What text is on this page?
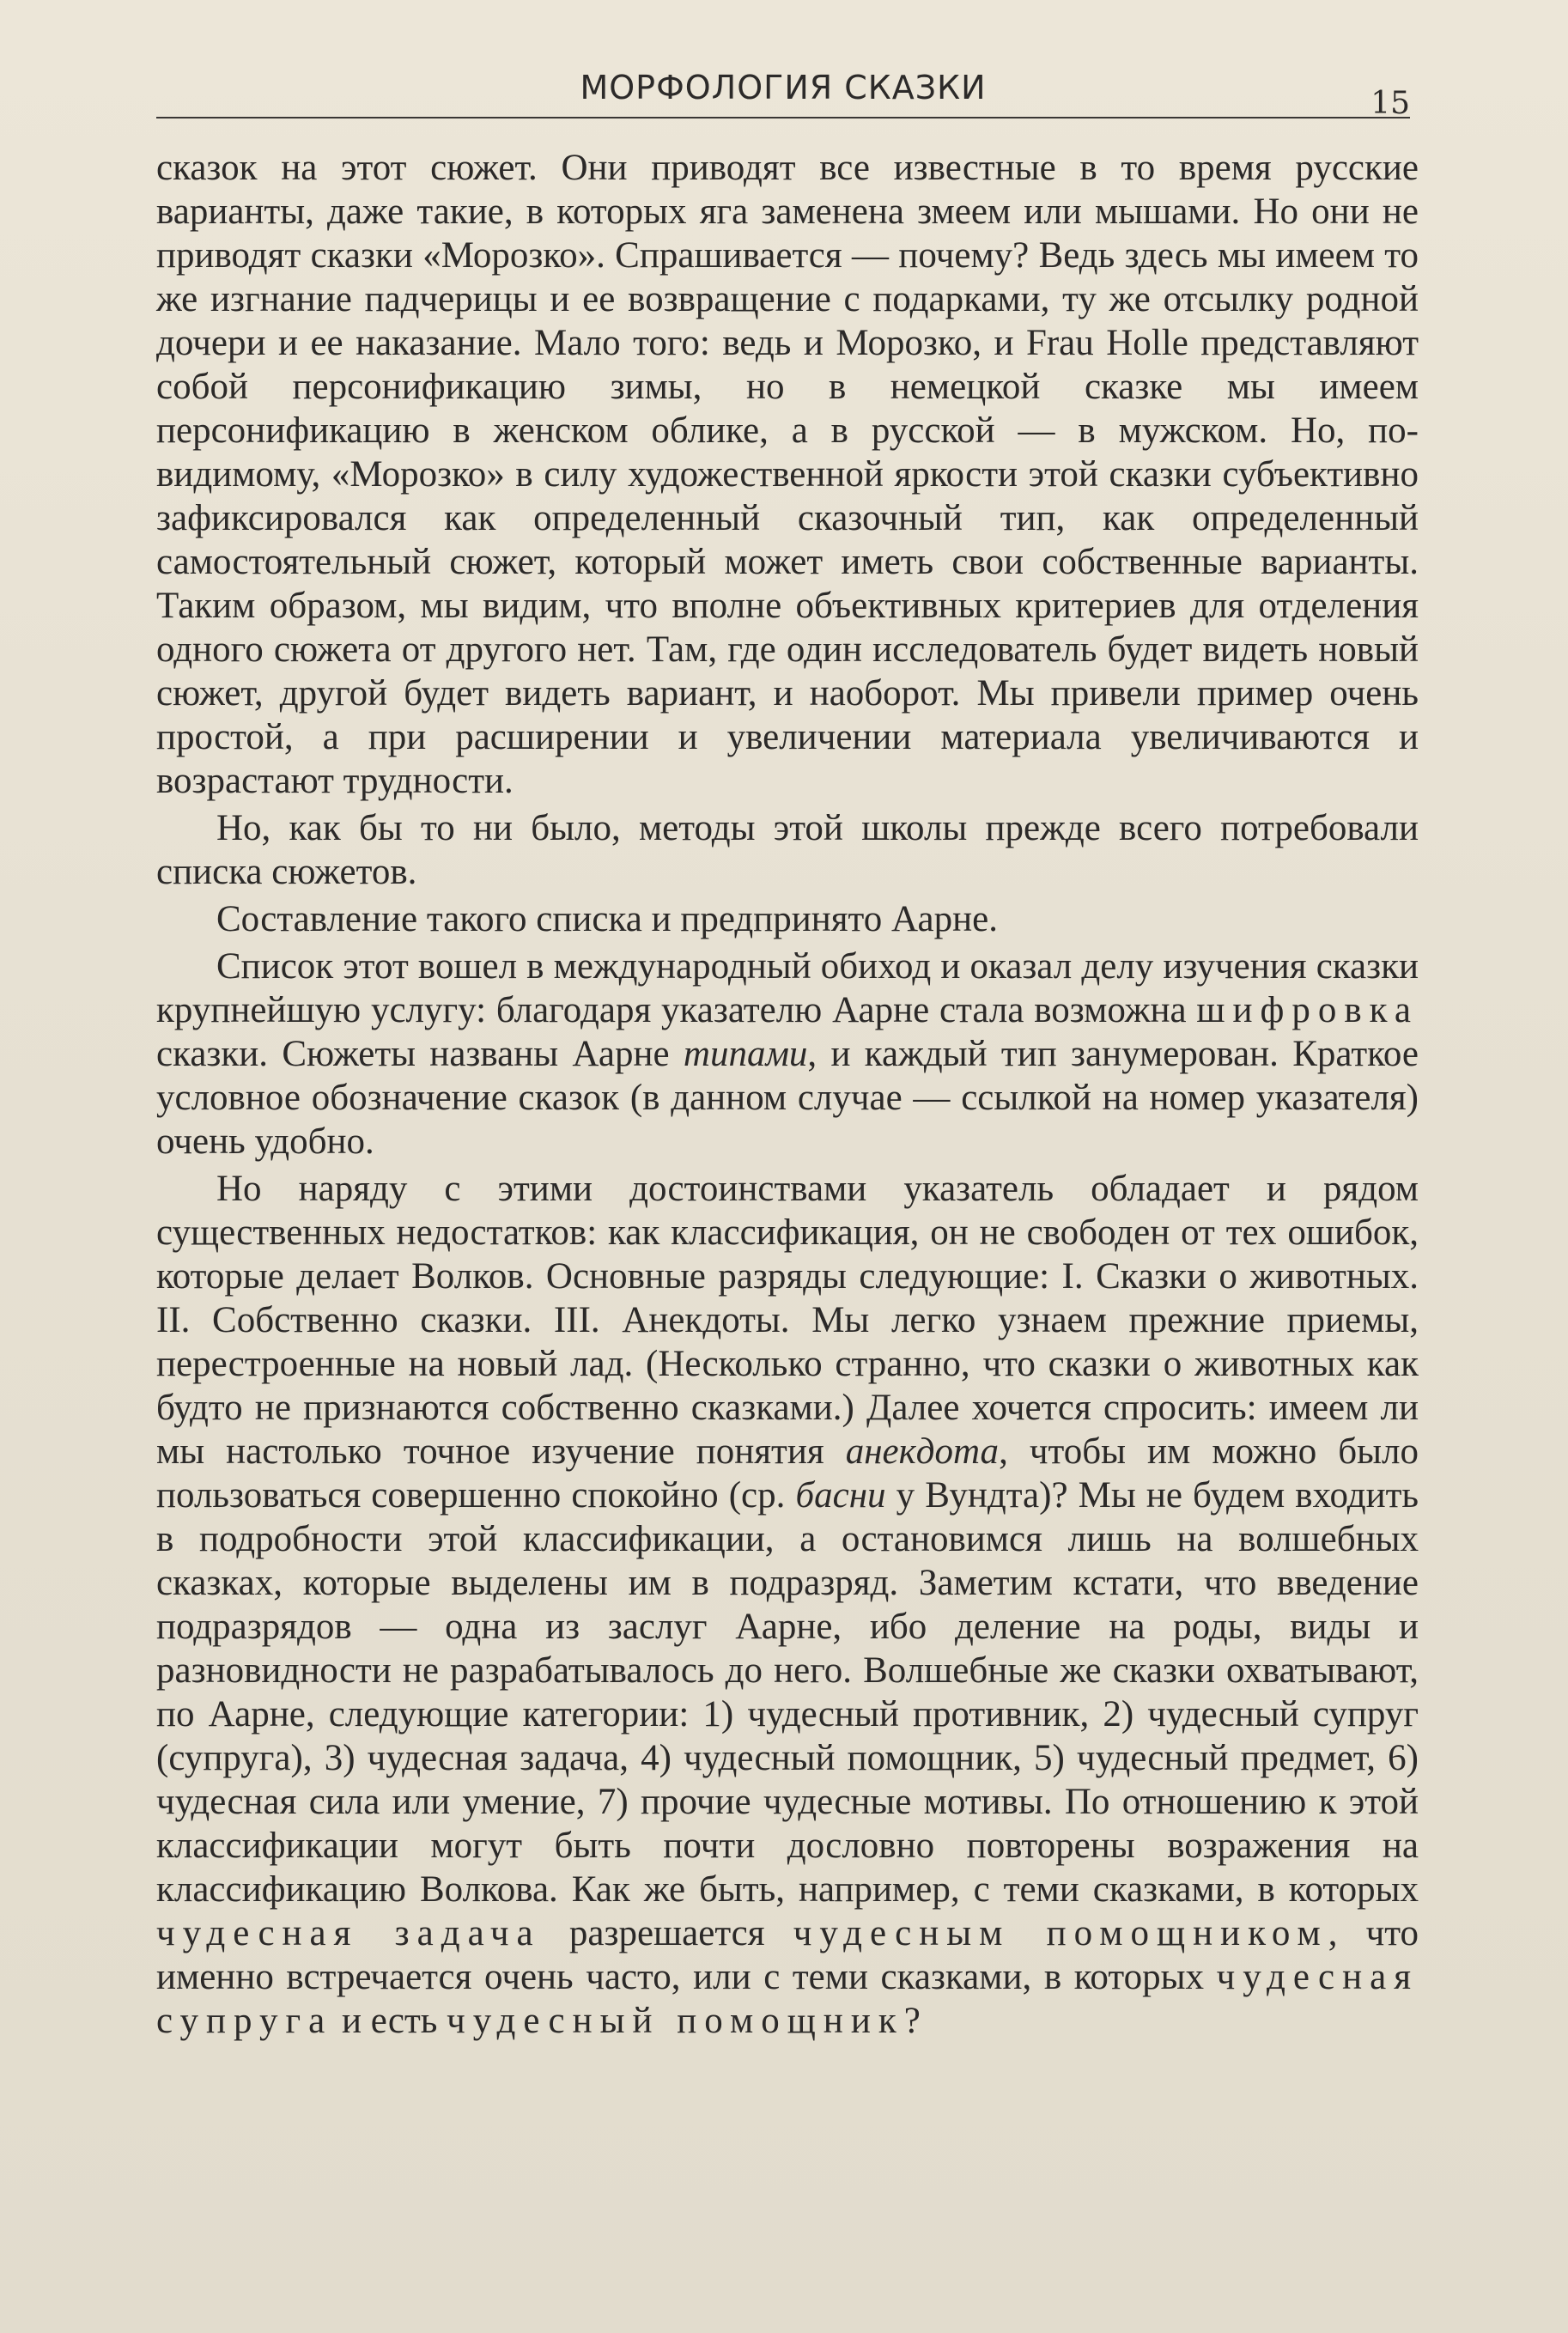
МОРФОЛОГИЯ СКАЗКИ	15

сказок на этот сюжет. Они приводят все известные в то время русские варианты, даже такие, в которых яга заменена змеем или мышами. Но они не приводят сказки «Морозко». Спрашивается — почему? Ведь здесь мы имеем то же изгнание падчерицы и ее возвращение с подарками, ту же отсылку родной дочери и ее наказание. Мало того: ведь и Морозко, и Frau Holle представляют собой персонификацию зимы, но в немецкой сказке мы имеем персонификацию в женском облике, а в русской — в мужском. Но, по-видимому, «Морозко» в силу художественной яркости этой сказки субъективно зафиксировался как определенный сказочный тип, как определенный самостоятельный сюжет, который может иметь свои собственные варианты. Таким образом, мы видим, что вполне объективных критериев для отделения одного сюжета от другого нет. Там, где один исследователь будет видеть новый сюжет, другой будет видеть вариант, и наоборот. Мы привели пример очень простой, а при расширении и увеличении материала увеличиваются и возрастают трудности.

Но, как бы то ни было, методы этой школы прежде всего потребовали списка сюжетов.

Составление такого списка и предпринято Аарне.

Список этот вошел в международный обиход и оказал делу изучения сказки крупнейшую услугу: благодаря указателю Аарне стала возможна шифровка сказки. Сюжеты названы Аарне типами, и каждый тип занумерован. Краткое условное обозначение сказок (в данном случае — ссылкой на номер указателя) очень удобно.

Но наряду с этими достоинствами указатель обладает и рядом существенных недостатков: как классификация, он не свободен от тех ошибок, которые делает Волков. Основные разряды следующие: I. Сказки о животных. II. Собственно сказки. III. Анекдоты. Мы легко узнаем прежние приемы, перестроенные на новый лад. (Несколько странно, что сказки о животных как будто не признаются собственно сказками.) Далее хочется спросить: имеем ли мы настолько точное изучение понятия анекдота, чтобы им можно было пользоваться совершенно спокойно (ср. басни у Вундта)? Мы не будем входить в подробности этой классификации, а остановимся лишь на волшебных сказках, которые выделены им в подразряд. Заметим кстати, что введение подразрядов — одна из заслуг Аарне, ибо деление на роды, виды и разновидности не разрабатывалось до него. Волшебные же сказки охватывают, по Аарне, следующие категории: 1) чудесный противник, 2) чудесный супруг (супруга), 3) чудесная задача, 4) чудесный помощник, 5) чудесный предмет, 6) чудесная сила или умение, 7) прочие чудесные мотивы. По отношению к этой классификации могут быть почти дословно повторены возражения на классификацию Волкова. Как же быть, например, с теми сказками, в которых чудесная задача разрешается чудесным помощником, что именно встречается очень часто, или с теми сказками, в которых чудесная супруга и есть чудесный помощник?
